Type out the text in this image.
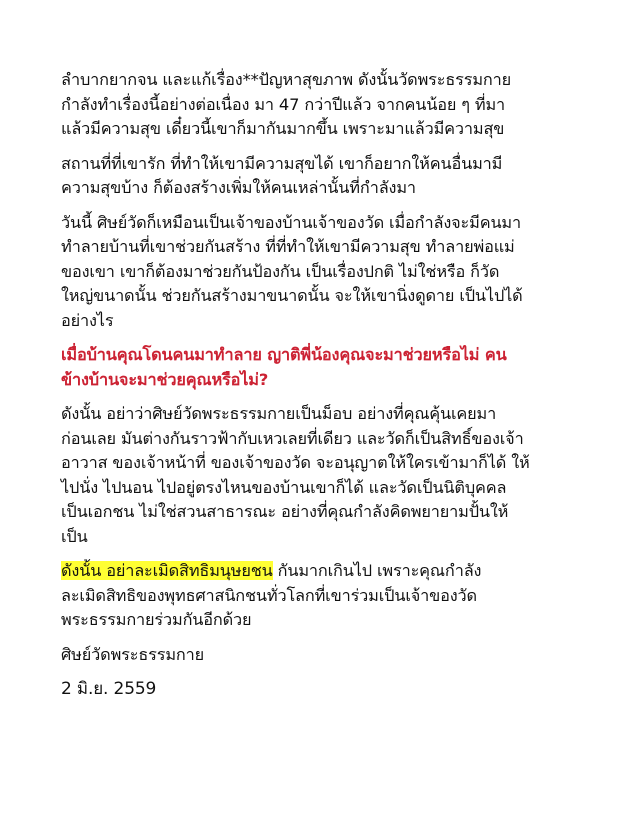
ลำบากยากจน และแก้เรื่อง**ปัญหาสุขภาพ ดังนั้นวัดพระธรรมกาย
กำลังทำเรื่องนี้อย่างต่อเนื่อง มา 47 กว่าปีแล้ว จากคนน้อย ๆ ที่มา
แล้วมีความสุข เดี๋ยวนี้เขาก็มากันมากขึ้น เพราะมาแล้วมีความสุข
สถานที่ที่เขารัก ที่ทำให้เขามีความสุขได้ เขาก็อยากให้คนอื่นมามี
ความสุขบ้าง ก็ต้องสร้างเพิ่มให้คนเหล่านั้นที่กำลังมา
วันนี้ ศิษย์วัดก็เหมือนเป็นเจ้าของบ้านเจ้าของวัด เมื่อกำลังจะมีคนมา
ทำลายบ้านที่เขาช่วยกันสร้าง ที่ที่ทำให้เขามีความสุข ทำลายพ่อแม่
ของเขา เขาก็ต้องมาช่วยกันป้องกัน เป็นเรื่องปกติ ไม่ใช่หรือ ก็วัด
ใหญ่ขนาดนั้น ช่วยกันสร้างมาขนาดนั้น จะให้เขานิ่งดูดาย เป็นไปได้
อย่างไร
เมื่อบ้านคุณโดนคนมาทำลาย ญาติพี่น้องคุณจะมาช่วยหรือไม่ คน
ข้างบ้านจะมาช่วยคุณหรือไม่?
ดังนั้น อย่าว่าศิษย์วัดพระธรรมกายเป็นม็อบ อย่างที่คุณคุ้นเคยมา
ก่อนเลย มันต่างกันราวฟ้ากับเหวเลยที่เดียว และวัดก็เป็นสิทธิ์ของเจ้า
อาวาส ของเจ้าหน้าที่ ของเจ้าของวัด จะอนุญาตให้ใครเข้ามาก็ได้ ให้
ไปนั่ง ไปนอน ไปอยู่ตรงไหนของบ้านเขาก็ได้ และวัดเป็นนิติบุคคล
เป็นเอกชน ไม่ใช่สวนสาธารณะ อย่างที่คุณกำลังคิดพยายามปั้นให้
เป็น
ดังนั้น อย่าละเมิดสิทธิมนุษยชน กันมากเกินไป เพราะคุณกำลัง
ละเมิดสิทธิของพุทธศาสนิกชนทั่วโลกที่เขาร่วมเป็นเจ้าของวัด
พระธรรมกายร่วมกันอีกด้วย
ศิษย์วัดพระธรรมกาย
2 มิ.ย. 2559
